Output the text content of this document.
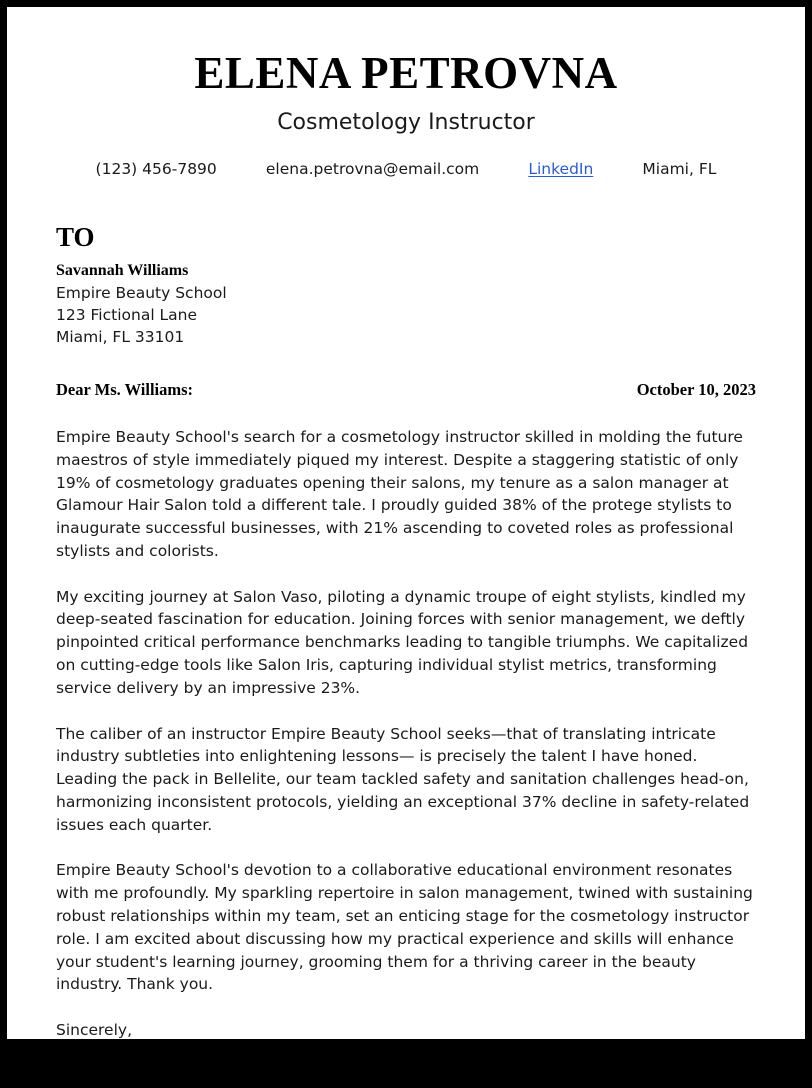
ELENA PETROVNA
Cosmetology Instructor
(123) 456-7890	elena.petrovna@email.com	LinkedIn	Miami, FL
TO
Savannah Williams
Empire Beauty School
123 Fictional Lane
Miami, FL 33101
Dear Ms. Williams:	October 10, 2023

Empire Beauty School's search for a cosmetology instructor skilled in molding the future maestros of style immediately piqued my interest. Despite a staggering statistic of only 19% of cosmetology graduates opening their salons, my tenure as a salon manager at Glamour Hair Salon told a different tale. I proudly guided 38% of the protege stylists to inaugurate successful businesses, with 21% ascending to coveted roles as professional stylists and colorists.

My exciting journey at Salon Vaso, piloting a dynamic troupe of eight stylists, kindled my deep-seated fascination for education. Joining forces with senior management, we deftly pinpointed critical performance benchmarks leading to tangible triumphs. We capitalized on cutting-edge tools like Salon Iris, capturing individual stylist metrics, transforming service delivery by an impressive 23%.

The caliber of an instructor Empire Beauty School seeks—that of translating intricate industry subtleties into enlightening lessons— is precisely the talent I have honed. Leading the pack in Bellelite, our team tackled safety and sanitation challenges head-on, harmonizing inconsistent protocols, yielding an exceptional 37% decline in safety-related issues each quarter.

Empire Beauty School's devotion to a collaborative educational environment resonates with me profoundly. My sparkling repertoire in salon management, twined with sustaining robust relationships within my team, set an enticing stage for the cosmetology instructor role. I am excited about discussing how my practical experience and skills will enhance your student's learning journey, grooming them for a thriving career in the beauty industry. Thank you.

Sincerely,
Elena Petrovna
